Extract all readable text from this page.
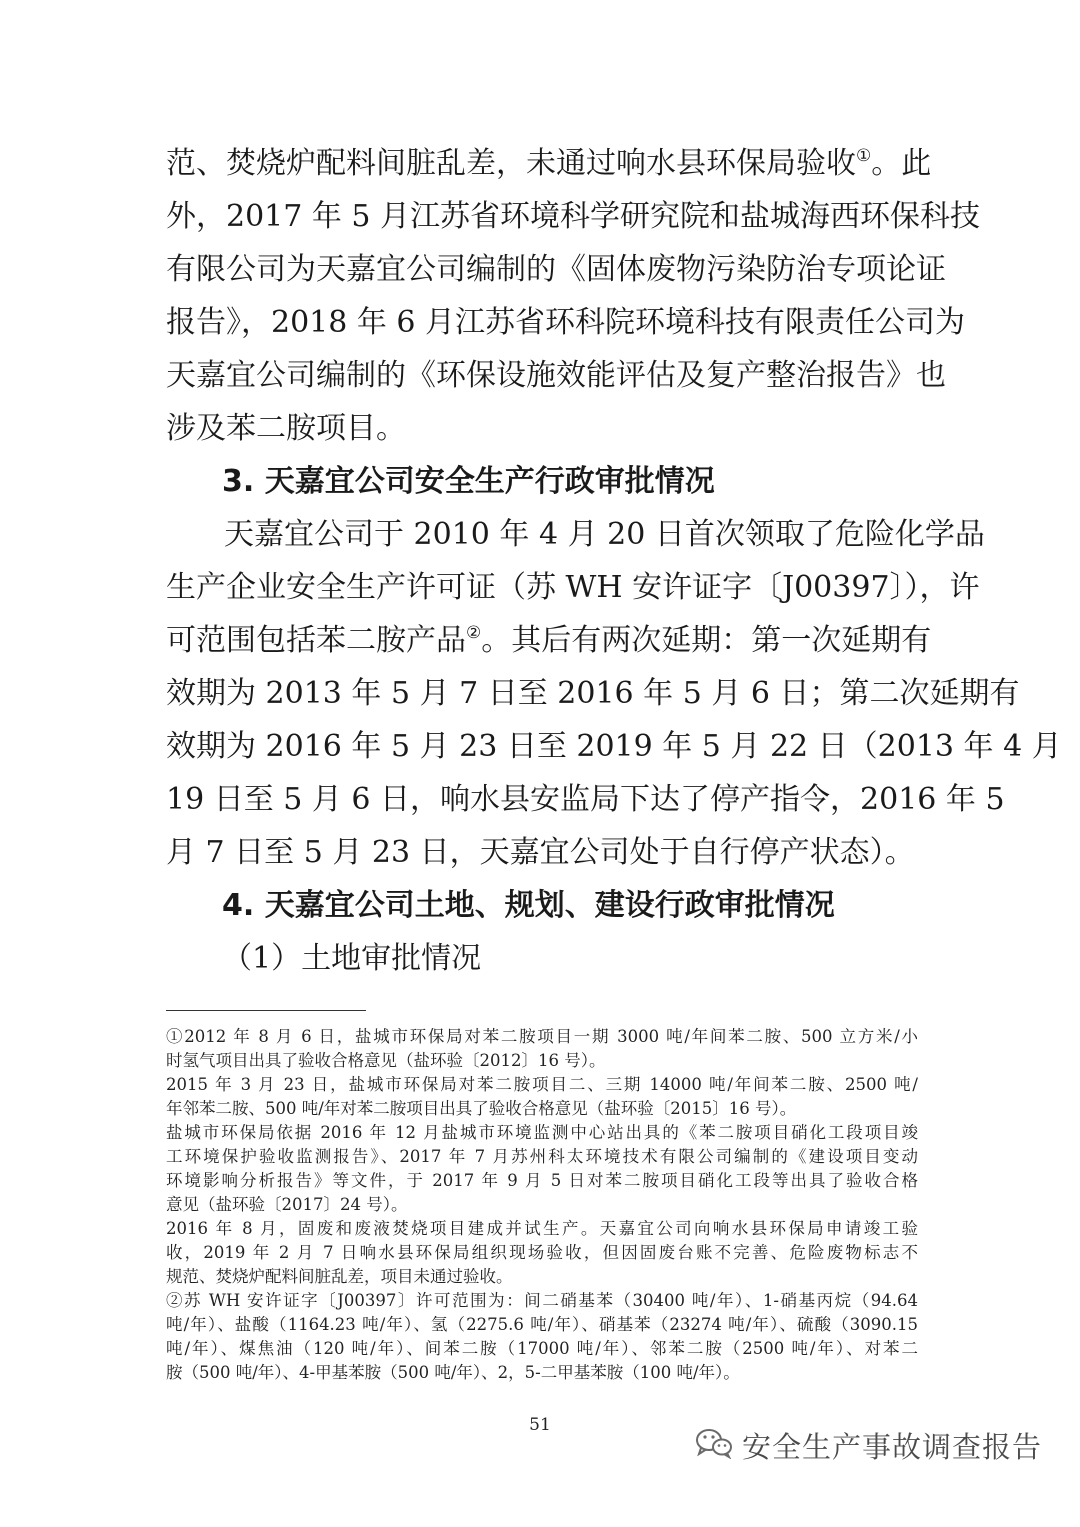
范、焚烧炉配料间脏乱差，未通过响水县环保局验收①。此
外，2017 年 5 月江苏省环境科学研究院和盐城海西环保科技
有限公司为天嘉宜公司编制的《固体废物污染防治专项论证
报告》，2018 年 6 月江苏省环科院环境科技有限责任公司为
天嘉宜公司编制的《环保设施效能评估及复产整治报告》也
涉及苯二胺项目。
3. 天嘉宜公司安全生产行政审批情况
天嘉宜公司于 2010 年 4 月 20 日首次领取了危险化学品
生产企业安全生产许可证（苏 WH 安许证字〔J00397〕），许
可范围包括苯二胺产品②。其后有两次延期：第一次延期有
效期为 2013 年 5 月 7 日至 2016 年 5 月 6 日；第二次延期有
效期为 2016 年 5 月 23 日至 2019 年 5 月 22 日（2013 年 4 月
19 日至 5 月 6 日，响水县安监局下达了停产指令，2016 年 5
月 7 日至 5 月 23 日，天嘉宜公司处于自行停产状态）。
4. 天嘉宜公司土地、规划、建设行政审批情况
（1）土地审批情况
①2012 年 8 月 6 日，盐城市环保局对苯二胺项目一期 3000 吨/年间苯二胺、500 立方米/小
时氢气项目出具了验收合格意见（盐环验〔2012〕16 号）。
2015 年 3 月 23 日，盐城市环保局对苯二胺项目二、三期 14000 吨/年间苯二胺、2500 吨/
年邻苯二胺、500 吨/年对苯二胺项目出具了验收合格意见（盐环验〔2015〕16 号）。
盐城市环保局依据 2016 年 12 月盐城市环境监测中心站出具的《苯二胺项目硝化工段项目竣
工环境保护验收监测报告》、2017 年 7 月苏州科太环境技术有限公司编制的《建设项目变动
环境影响分析报告》等文件，于 2017 年 9 月 5 日对苯二胺项目硝化工段等出具了验收合格
意见（盐环验〔2017〕24 号）。
2016 年 8 月，固废和废液焚烧项目建成并试生产。天嘉宜公司向响水县环保局申请竣工验
收，2019 年 2 月 7 日响水县环保局组织现场验收，但因固废台账不完善、危险废物标志不
规范、焚烧炉配料间脏乱差，项目未通过验收。
②苏 WH 安许证字〔J00397〕许可范围为：间二硝基苯（30400 吨/年）、1-硝基丙烷（94.64
吨/年）、盐酸（1164.23 吨/年）、氢（2275.6 吨/年）、硝基苯（23274 吨/年）、硫酸（3090.15
吨/年）、煤焦油（120 吨/年）、间苯二胺（17000 吨/年）、邻苯二胺（2500 吨/年）、对苯二
胺（500 吨/年）、4-甲基苯胺（500 吨/年）、2，5-二甲基苯胺（100 吨/年）。
51
安全生产事故调查报告
